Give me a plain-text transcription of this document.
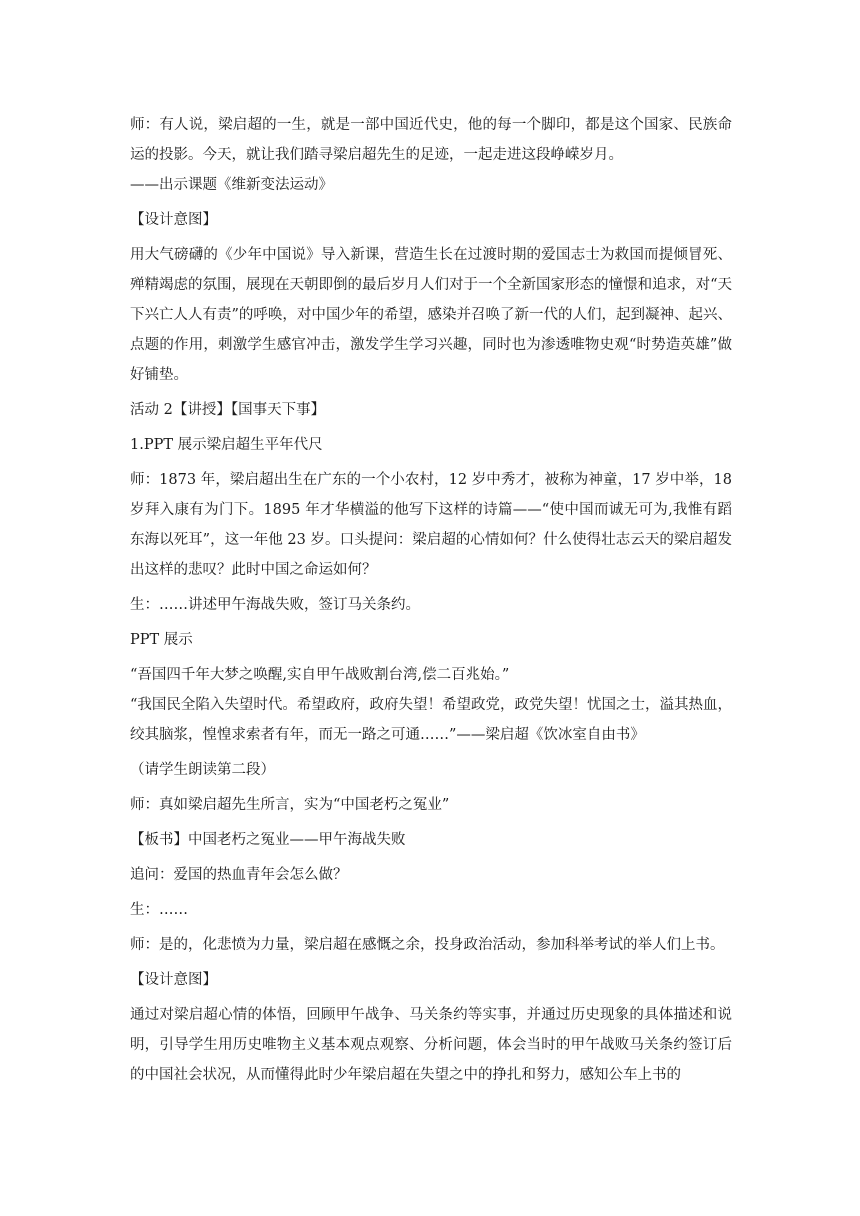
师：有人说，梁启超的一生，就是一部中国近代史，他的每一个脚印，都是这个国家、民族命运的投影。今天，就让我们踏寻梁启超先生的足迹，一起走进这段峥嵘岁月。

——出示课题《维新变法运动》

【设计意图】

用大气磅礴的《少年中国说》导入新课，营造生长在过渡时期的爱国志士为救国而提倾冒死、殚精竭虑的氛围，展现在天朝即倒的最后岁月人们对于一个全新国家形态的憧憬和追求，对“天下兴亡人人有责”的呼唤，对中国少年的希望，感染并召唤了新一代的人们，起到凝神、起兴、点题的作用，刺激学生感官冲击，激发学生学习兴趣，同时也为渗透唯物史观“时势造英雄”做好铺垫。

活动 2【讲授】【国事天下事】

1.PPT 展示梁启超生平年代尺

师：1873 年，梁启超出生在广东的一个小农村，12 岁中秀才，被称为神童，17 岁中举，18 岁拜入康有为门下。1895 年才华横溢的他写下这样的诗篇——“使中国而诚无可为,我惟有蹈东海以死耳”，这一年他 23 岁。口头提问：梁启超的心情如何？什么使得壮志云天的梁启超发出这样的悲叹？此时中国之命运如何？

生：……讲述甲午海战失败，签订马关条约。

PPT 展示

“吾国四千年大梦之唤醒,实自甲午战败割台湾,偿二百兆始。”

“我国民全陷入失望时代。希望政府，政府失望！希望政党，政党失望！忧国之士，溢其热血，绞其脑浆，惶惶求索者有年，而无一路之可通……”——梁启超《饮冰室自由书》

（请学生朗读第二段）

师：真如梁启超先生所言，实为“中国老朽之冤业”

【板书】中国老朽之冤业——甲午海战失败

追问：爱国的热血青年会怎么做？

生：……

师：是的，化悲愤为力量，梁启超在感慨之余，投身政治活动，参加科举考试的举人们上书。

【设计意图】

通过对梁启超心情的体悟，回顾甲午战争、马关条约等实事，并通过历史现象的具体描述和说明，引导学生用历史唯物主义基本观点观察、分析问题，体会当时的甲午战败马关条约签订后的中国社会状况，从而懂得此时少年梁启超在失望之中的挣扎和努力，感知公车上书的
